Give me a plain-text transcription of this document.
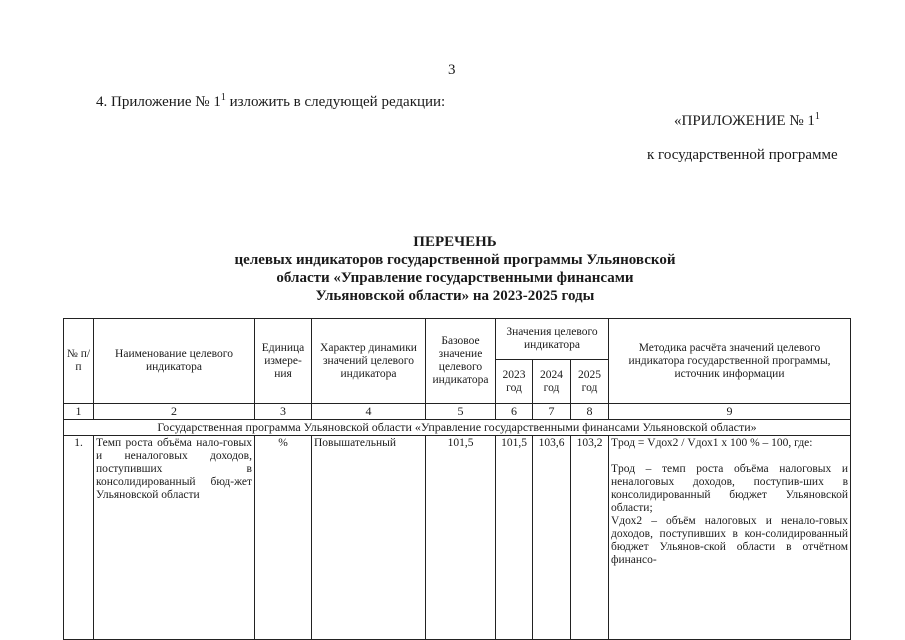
3
4. Приложение № $1^1$ изложить в следующей редакции:
«ПРИЛОЖЕНИЕ № $1^1$
к государственной программе
ПЕРЕЧЕНЬ
целевых индикаторов государственной программы Ульяновской
области «Управление государственными финансами
Ульяновской области» на 2023-2025 годы
№ п/п	Наименование целевого индикатора	Единица измере-ния	Характер динамики значений целевого индикатора	Базовое значение целевого индикатора	Значения целевого индикатора			Методика расчёта значений целевого индикатора государственной программы, источник информации
					2023 год	2024 год	2025 год	
1	2	3	4	5	6	7	8	9
Государственная программа Ульяновской области «Управление государственными финансами Ульяновской области»								
1.	Темп роста объёма нало-говых и неналоговых доходов, поступивших в консолидированный бюд-жет Ульяновской области	%	Повышательный	101,5	101,5	103,6	103,2	Tрод = Vдох2 / Vдох1 x 100 % – 100, где:

Tрод – темп роста объёма налоговых и неналоговых доходов, поступив-ших в консолидированный бюджет Ульяновской области;

Vдох2 – объём налоговых и ненало-говых доходов, поступивших в кон-солидированный бюджет Ульянов-ской области в отчётном финансо-
